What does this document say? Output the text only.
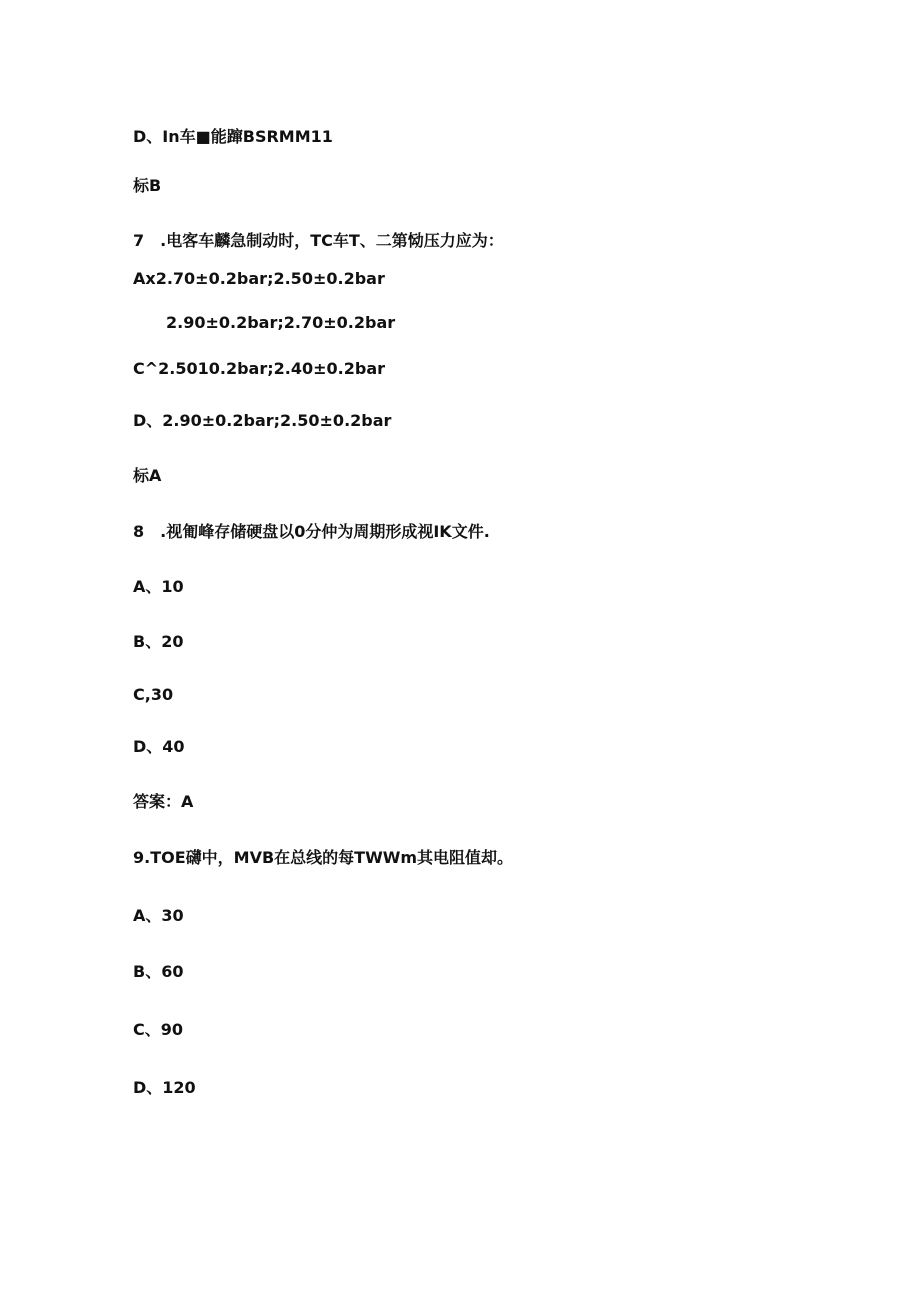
D、In车■能蹿BSRMM11
标B
7　.电客车麟急制动时，TC车T、二第恸压力应为：
Ax2.70±0.2bar;2.50±0.2bar
2.90±0.2bar;2.70±0.2bar
C^2.5010.2bar;2.40±0.2bar
D、2.90±0.2bar;2.50±0.2bar
标A
8　.视匍峰存储硬盘以0分仲为周期形成视IK文件.
A、10
B、20
C,30
D、40
答案：A
9.TOE礴中，MVB在总线的每TWWm其电阻值却。
A、30
B、60
C、90
D、120
